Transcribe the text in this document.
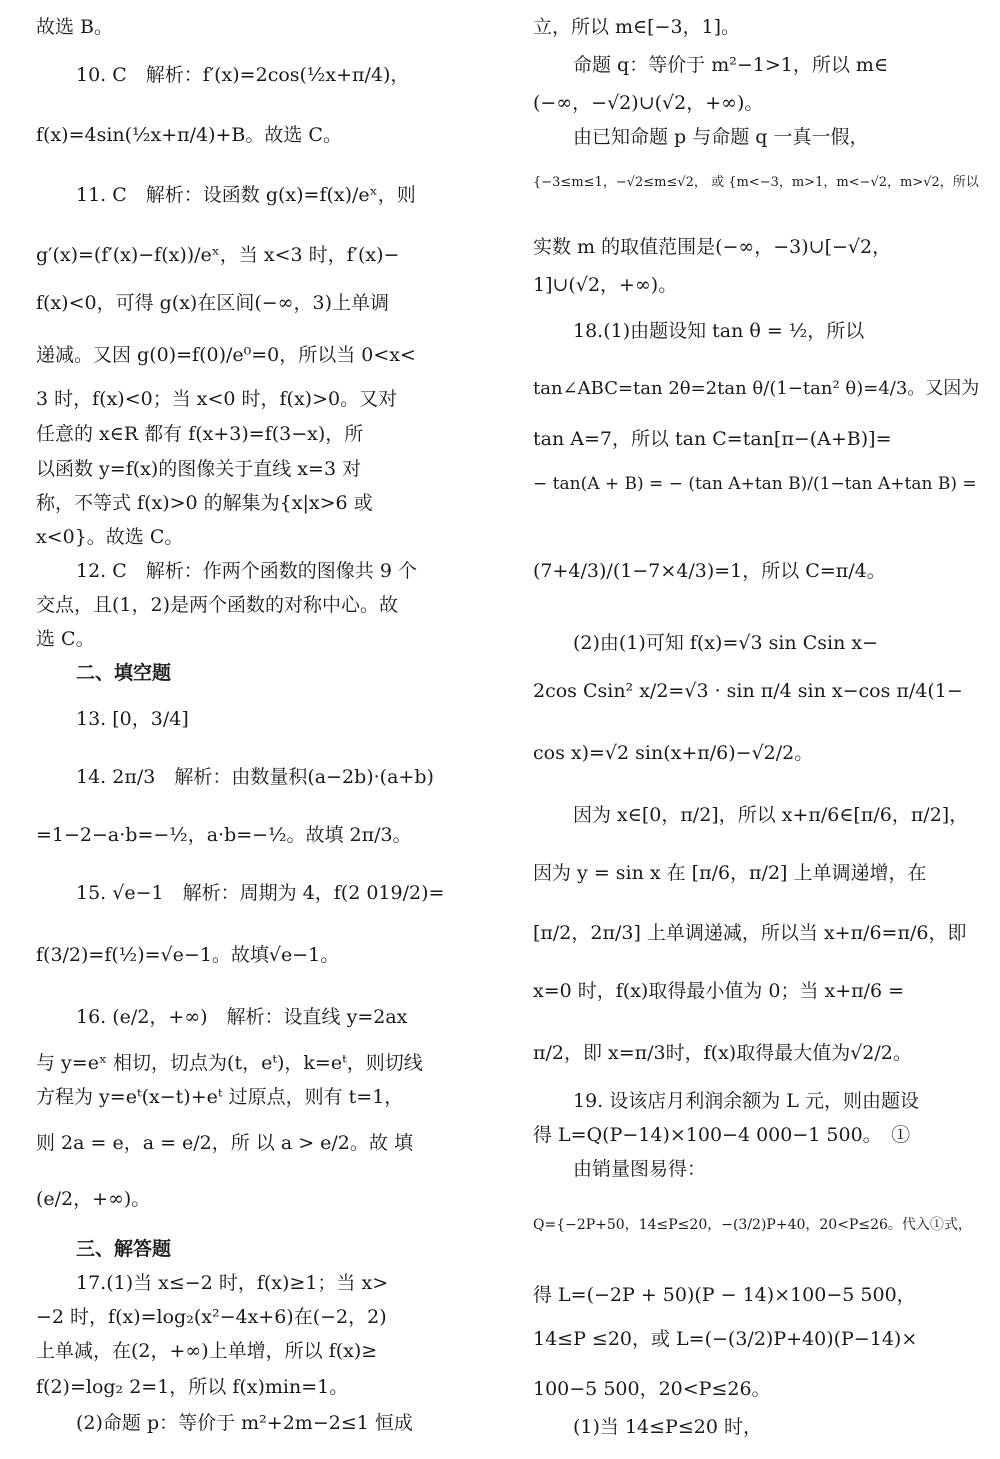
故选 B。
10. C　解析：f′(x)=2cos(½x+π/4)，
f(x)=4sin(½x+π/4)+B。故选 C。
11. C　解析：设函数 g(x)=f(x)/eˣ，则
g′(x)=(f′(x)−f(x))/eˣ，当 x<3 时，f′(x)−
f(x)<0，可得 g(x)在区间(−∞，3)上单调
递减。又因 g(0)=f(0)/e⁰=0，所以当 0<x<
3 时，f(x)<0；当 x<0 时，f(x)>0。又对
任意的 x∈R 都有 f(x+3)=f(3−x)，所
以函数 y=f(x)的图像关于直线 x=3 对
称，不等式 f(x)>0 的解集为{x|x>6 或
x<0}。故选 C。
12. C　解析：作两个函数的图像共 9 个
交点，且(1，2)是两个函数的对称中心。故
选 C。
二、填空题
13. [0，3/4]
14. 2π/3　解析：由数量积(a−2b)·(a+b)
=1−2−a·b=−½，a·b=−½。故填 2π/3。
15. √e−1　解析：周期为 4，f(2 019/2)=
f(3/2)=f(½)=√e−1。故填√e−1。
16. (e/2，+∞)　解析：设直线 y=2ax
与 y=eˣ 相切，切点为(t，eᵗ)，k=eᵗ，则切线
方程为 y=eᵗ(x−t)+eᵗ 过原点，则有 t=1，
则 2a = e，a = e/2，所 以 a > e/2。故 填
(e/2，+∞)。
三、解答题
17.(1)当 x≤−2 时，f(x)≥1；当 x>
−2 时，f(x)=log₂(x²−4x+6)在(−2，2)
上单减，在(2，+∞)上单增，所以 f(x)≥
f(2)=log₂ 2=1，所以 f(x)min=1。
(2)命题 p：等价于 m²+2m−2≤1 恒成
立，所以 m∈[−3，1]。
命题 q：等价于 m²−1>1，所以 m∈
(−∞，−√2)∪(√2，+∞)。
由已知命题 p 与命题 q 一真一假，
{−3≤m≤1，−√2≤m≤√2， 或 {m<−3，m>1，m<−√2，m>√2，所以
实数 m 的取值范围是(−∞，−3)∪[−√2，
1]∪(√2，+∞)。
18.(1)由题设知 tan θ = ½，所以
tan∠ABC=tan 2θ=2tan θ/(1−tan² θ)=4/3。又因为
tan A=7，所以 tan C=tan[π−(A+B)]=
− tan(A + B) = − (tan A+tan B)/(1−tan A+tan B) =
(7+4/3)/(1−7×4/3)=1，所以 C=π/4。
(2)由(1)可知 f(x)=√3 sin Csin x−
2cos Csin² x/2=√3 · sin π/4 sin x−cos π/4(1−
cos x)=√2 sin(x+π/6)−√2/2。
因为 x∈[0，π/2]，所以 x+π/6∈[π/6，π/2]，
因为 y = sin x 在 [π/6，π/2] 上单调递增，在
[π/2，2π/3] 上单调递减，所以当 x+π/6=π/6，即
x=0 时，f(x)取得最小值为 0；当 x+π/6 =
π/2，即 x=π/3时，f(x)取得最大值为√2/2。
19. 设该店月利润余额为 L 元，则由题设
得 L=Q(P−14)×100−4 000−1 500。　①
由销量图易得：
Q={−2P+50，14≤P≤20，−(3/2)P+40，20<P≤26。代入①式，
得 L=(−2P + 50)(P − 14)×100−5 500，
14≤P ≤20，或 L=(−(3/2)P+40)(P−14)×
100−5 500，20<P≤26。
(1)当 14≤P≤20 时，
